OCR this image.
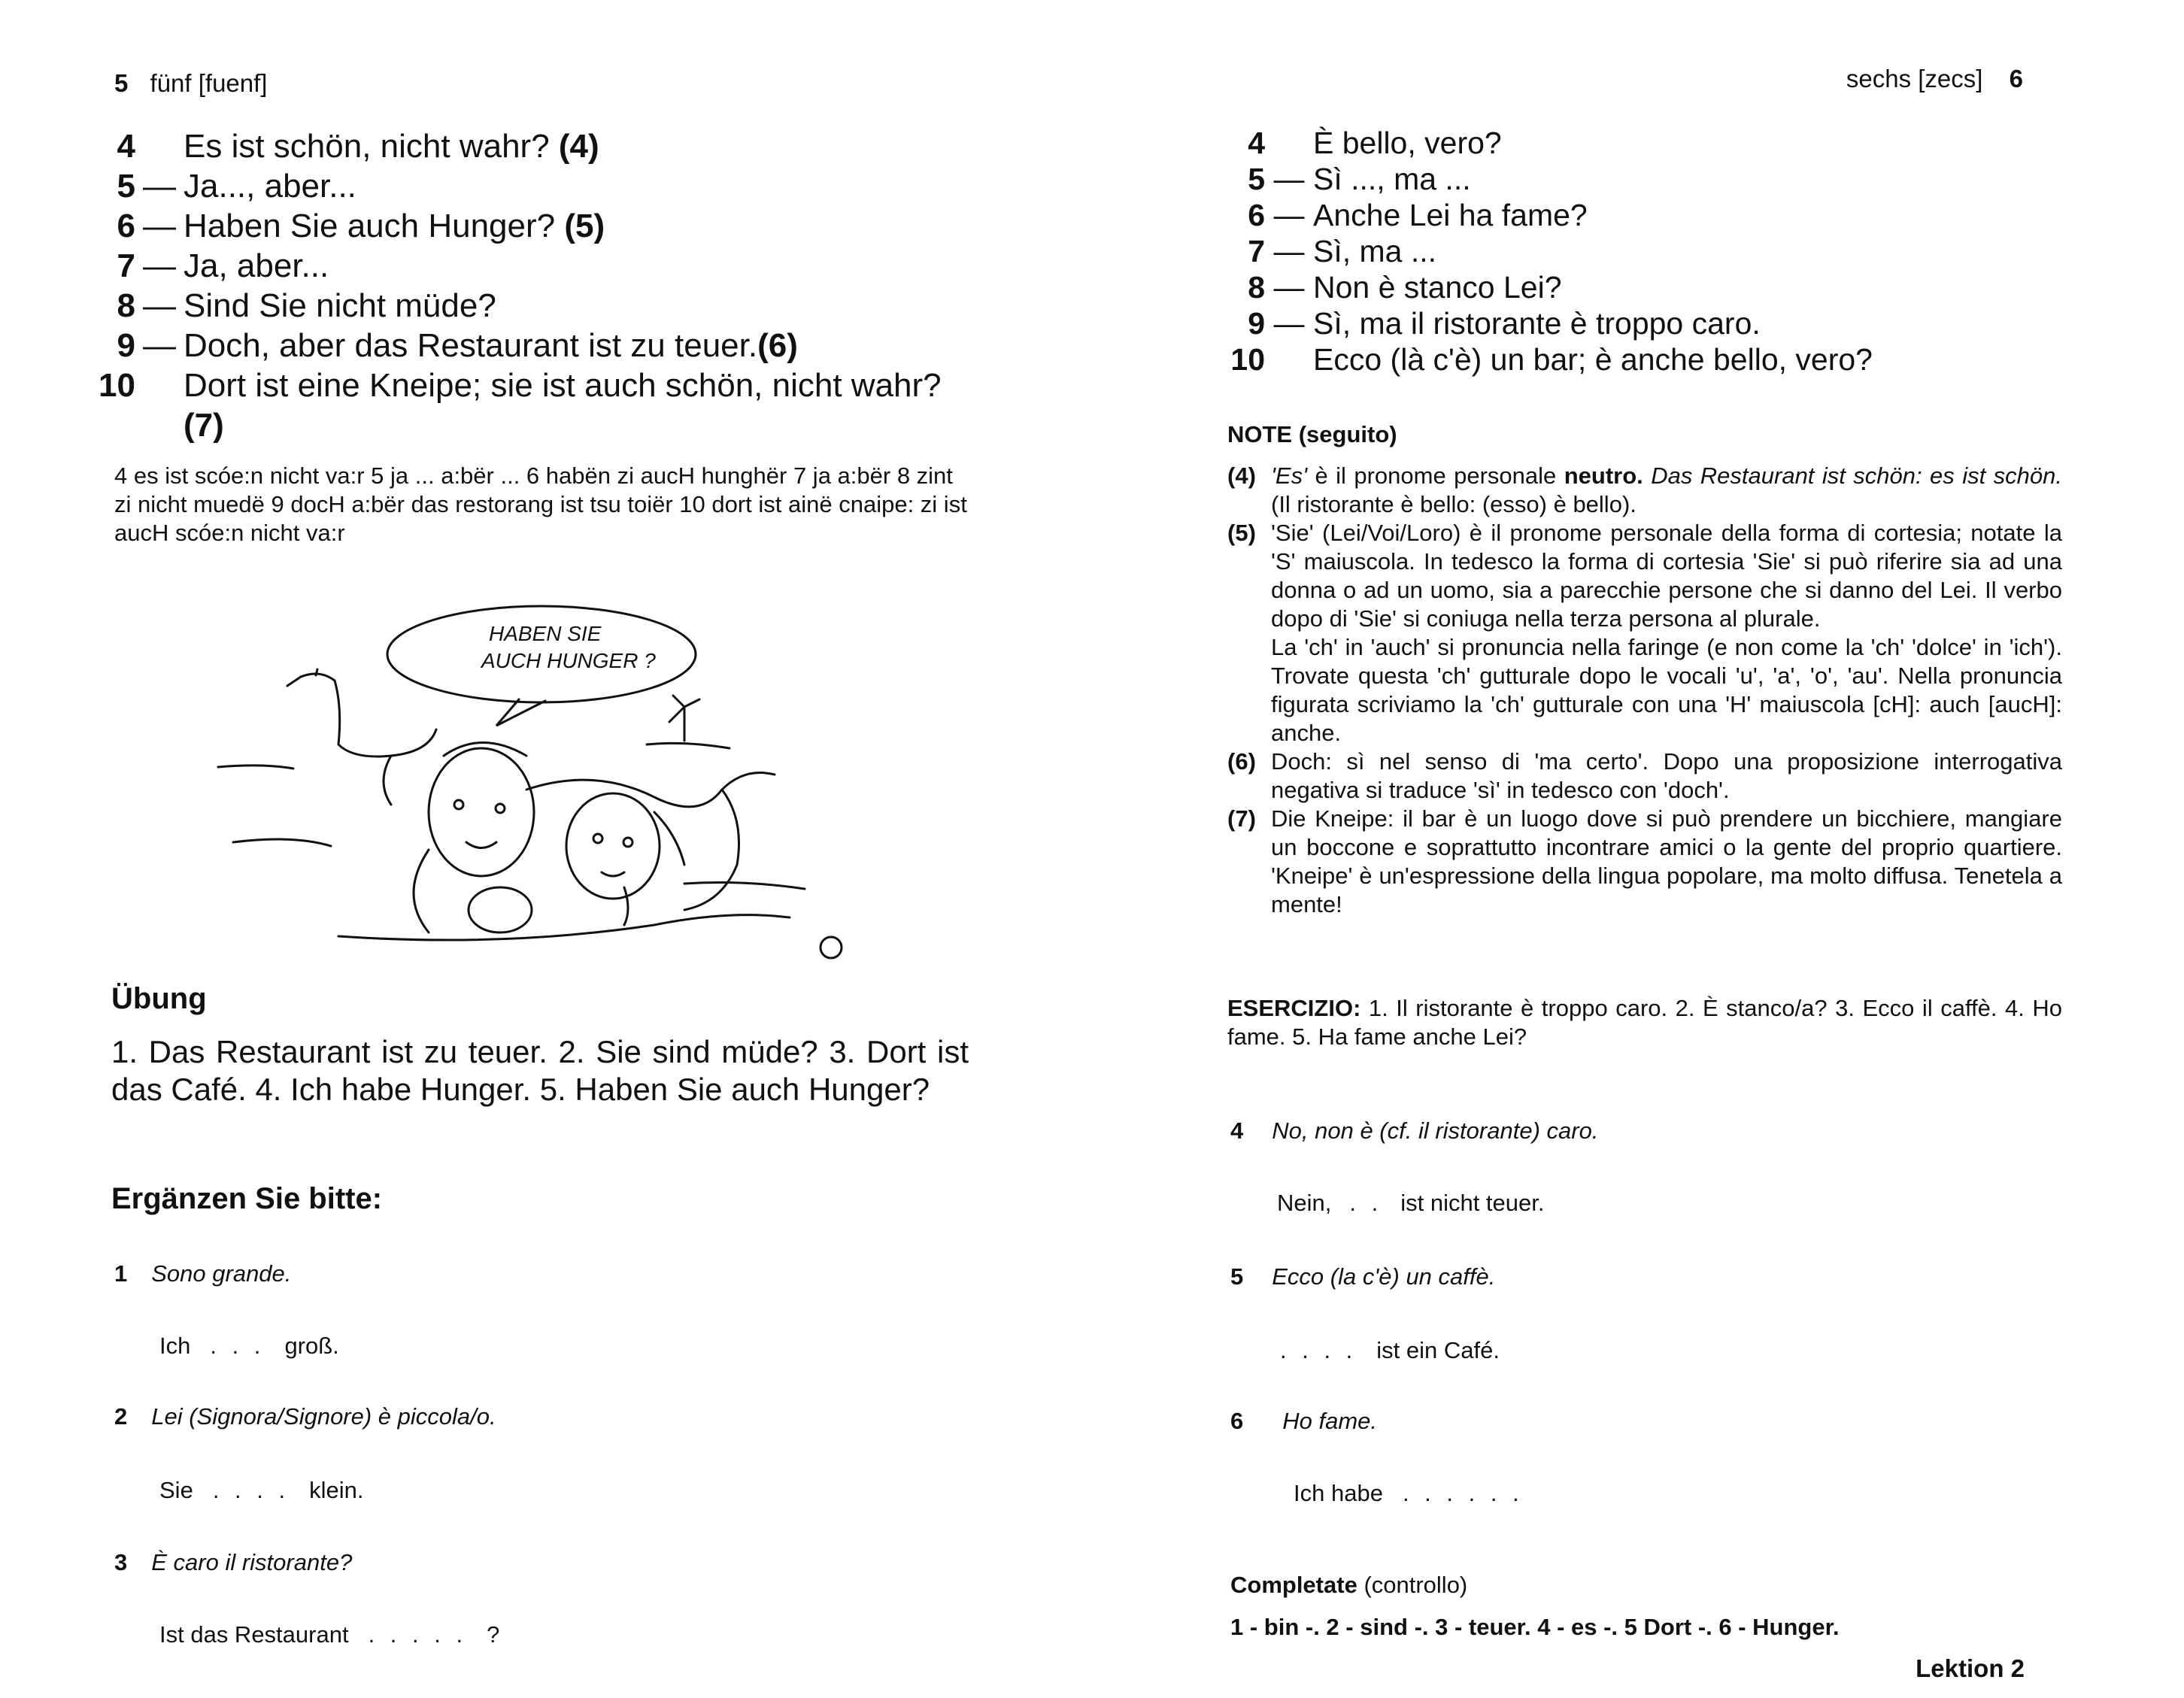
5 fünf [fuenf]
4 Es ist schön, nicht wahr? (4)
5 — Ja..., aber...
6 — Haben Sie auch Hunger? (5)
7 — Ja, aber...
8 — Sind Sie nicht müde?
9 — Doch, aber das Restaurant ist zu teuer.(6)
10 Dort ist eine Kneipe; sie ist auch schön, nicht wahr? (7)
4 es ist scóe:n nicht va:r 5 ja ... a:bër ... 6 habën zi aucH hunghër 7 ja a:bër 8 zint zi nicht muedë 9 docH a:bër das restorang ist tsu toiër 10 dort ist ainë cnaipe: zi ist aucH scóe:n nicht va:r
HABEN SIE
AUCH HUNGER ?
Übung
1. Das Restaurant ist zu teuer. 2. Sie sind müde? 3. Dort ist das Café. 4. Ich habe Hunger. 5. Haben Sie auch Hunger?
Ergänzen Sie bitte:
1 Sono grande.
Ich . . . groß.
2 Lei (Signora/Signore) è piccola/o.
Sie . . . . klein.
3 È caro il ristorante?
Ist das Restaurant . . . . . ?
sechs [zecs] 6
4 È bello, vero?
5 — Sì ..., ma ...
6 — Anche Lei ha fame?
7 — Sì, ma ...
8 — Non è stanco Lei?
9 — Sì, ma il ristorante è troppo caro.
10 Ecco (là c'è) un bar; è anche bello, vero?
NOTE (seguito)
(4) 'Es' è il pronome personale neutro. Das Restaurant ist schön: es ist schön. (Il ristorante è bello: (esso) è bello).
(5) 'Sie' (Lei/Voi/Loro) è il pronome personale della forma di cortesia; notate la 'S' maiuscola. In tedesco la forma di cortesia 'Sie' si può riferire sia ad una donna o ad un uomo, sia a parecchie persone che si danno del Lei. Il verbo dopo di 'Sie' si coniuga nella terza persona al plurale.
La 'ch' in 'auch' si pronuncia nella faringe (e non come la 'ch' 'dolce' in 'ich'). Trovate questa 'ch' gutturale dopo le vocali 'u', 'a', 'o', 'au'. Nella pronuncia figurata scriviamo la 'ch' gutturale con una 'H' maiuscola [cH]: auch [aucH]: anche.
(6) Doch: sì nel senso di 'ma certo'. Dopo una proposizione interrogativa negativa si traduce 'sì' in tedesco con 'doch'.
(7) Die Kneipe: il bar è un luogo dove si può prendere un bicchiere, mangiare un boccone e soprattutto incontrare amici o la gente del proprio quartiere. 'Kneipe' è un'espressione della lingua popolare, ma molto diffusa. Tenetela a mente!
ESERCIZIO: 1. Il ristorante è troppo caro. 2. È stanco/a? 3. Ecco il caffè. 4. Ho fame. 5. Ha fame anche Lei?
4 No, non è (cf. il ristorante) caro.
Nein, . . ist nicht teuer.
5 Ecco (la c'è) un caffè.
. . . . ist ein Café.
6 Ho fame.
Ich habe . . . . . .
Completate (controllo)
1 - bin -. 2 - sind -. 3 - teuer. 4 - es -. 5 Dort -. 6 - Hunger.
Lektion 2
